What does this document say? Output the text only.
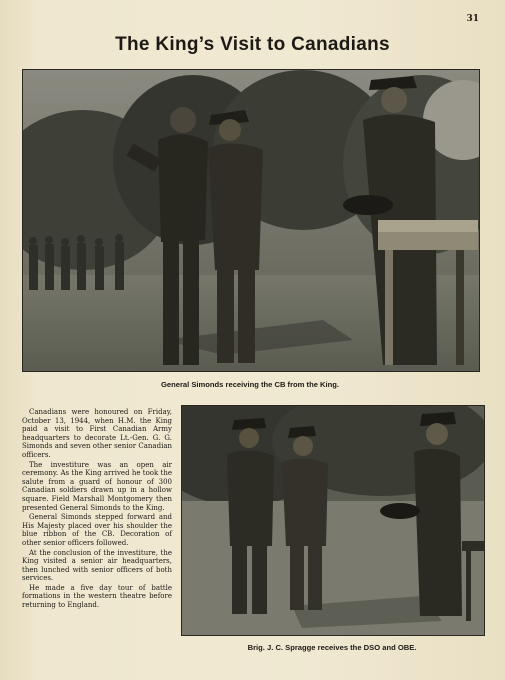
31
The King’s Visit to Canadians
General Simonds receiving the CB from the King.

Canadians were honoured on Friday, October 13, 1944, when H.M. the King paid a visit to First Canadian Army headquarters to decorate Lt.-Gen. G. G. Simonds and seven other senior Canadian officers.

The investiture was an open air ceremony. As the King arrived he took the salute from a guard of honour of 300 Canadian soldiers drawn up in a hollow square. Field Marshall Montgomery then presented General Simonds to the King.

General Simonds stepped forward and His Majesty placed over his shoulder the blue ribbon of the CB. Decoration of other senior officers followed.

At the conclusion of the investiture, the King visited a senior air headquarters, then lunched with senior officers of both services.

He made a five day tour of battle formations in the western theatre before returning to England.

Brig. J. C. Spragge receives the DSO and OBE.
